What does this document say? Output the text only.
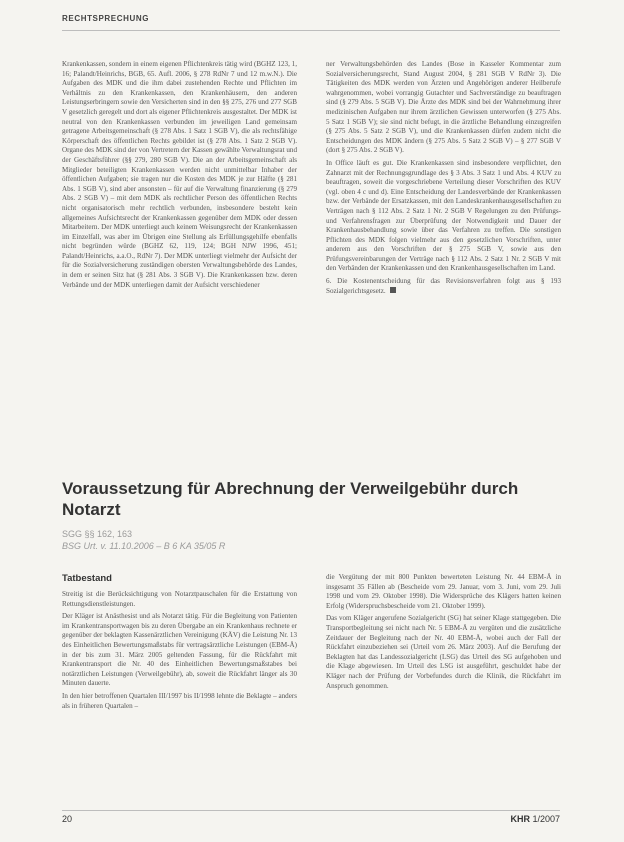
RECHTSPRECHUNG

Krankenkassen, sondern in einem eigenen Pflichtenkreis tätig wird (BGHZ 123, 1, 16; Palandt/Heinrichs, BGB, 65. Aufl. 2006, § 278 RdNr 7 und 12 m.w.N.). Die Aufgaben des MDK und die ihm dabei zustehenden Rechte und Pflichten im Verhältnis zu den Krankenkassen, den Krankenhäusern, den anderen Leistungserbringern sowie den Versicherten sind in den §§ 275, 276 und 277 SGB V gesetzlich geregelt und dort als eigener Pflichtenkreis ausgestaltet. Der MDK ist neutral von den Krankenkassen verbunden im jeweiligen Land gemeinsam getragene Arbeitsgemeinschaft (§ 278 Abs. 1 Satz 1 SGB V), die als rechtsfähige Körperschaft des öffentlichen Rechts gebildet ist (§ 278 Abs. 1 Satz 2 SGB V). Organe des MDK sind der von Vertretern der Kassen gewählte Verwaltungsrat und der Geschäftsführer (§§ 279, 280 SGB V). Die an der Arbeitsgemeinschaft als Mitglieder beteiligten Krankenkassen werden nicht unmittelbar Inhaber der öffentlichen Aufgaben; sie tragen nur die Kosten des MDK je zur Hälfte (§ 281 Abs. 1 SGB V), sind aber ansonsten – für auf die Verwaltung finanzierung (§ 279 Abs. 2 SGB V) – mit dem MDK als rechtlicher Person des öffentlichen Rechts nicht organisatorisch mehr rechtlich verbunden, insbesondere besteht kein allgemeines Aufsichtsrecht der Krankenkassen gegenüber dem MDK oder dessen Mitarbeitern. Der MDK unterliegt auch keinem Weisungsrecht der Krankenkassen im Einzelfall, was aber im Übrigen eine Stellung als Erfüllungsgehilfe ebenfalls nicht begründen würde (BGHZ 62, 119, 124; BGH NJW 1996, 451; Palandt/Heinrichs, a.a.O., RdNr 7). Der MDK unterliegt vielmehr der Aufsicht der für die Sozialversicherung zuständigen obersten Verwaltungsbehörde des Landes, in dem er seinen Sitz hat (§ 281 Abs. 3 SGB V). Die Krankenkassen bzw. deren Verbände und der MDK unterliegen damit der Aufsicht verschiedener

ner Verwaltungsbehörden des Landes (Bose in Kasseler Kommentar zum Sozialversicherungsrecht, Stand August 2004, § 281 SGB V RdNr 3). Die Tätigkeiten des MDK werden von Ärzten und Angehörigen anderer Heilberufe wahrgenommen, wobei vorrangig Gutachter und Sachverständige zu beauftragen sind (§ 279 Abs. 5 SGB V). Die Ärzte des MDK sind bei der Wahrnehmung ihrer medizinischen Aufgaben nur ihrem ärztlichen Gewissen unterworfen (§ 275 Abs. 5 Satz 1 SGB V); sie sind nicht befugt, in die ärztliche Behandlung einzugreifen (§ 275 Abs. 5 Satz 2 SGB V), und die Krankenkassen dürfen zudem nicht die Entscheidungen des MDK ändern (§ 275 Abs. 5 Satz 2 SGB V) – § 277 SGB V (dort § 275 Abs. 2 SGB V).

In Office läuft es gut. Die Krankenkassen sind insbesondere verpflichtet, den Zahnarzt mit der Rechnungsgrundlage des § 3 Abs. 3 Satz 1 und Abs. 4 KUV zu beauftragen, soweit die vorgeschriebene Verteilung dieser Vorschriften des KUV (vgl. oben 4 c und d). Eine Entscheidung der Landesverbände der Krankenkassen bzw. der Verbände der Ersatzkassen, mit den Landeskrankenhausgesellschaften zu Verträgen nach § 112 Abs. 2 Satz 1 Nr. 2 SGB V Regelungen zu den Prüfungs- und Verfahrensfragen zur Überprüfung der Notwendigkeit und Dauer der Krankenhausbehandlung sowie über das Verfahren zu treffen. Die sonstigen Pflichten des MDK folgen vielmehr aus den gesetzlichen Vorschriften, unter anderem aus den Vorschriften der § 275 SGB V, sowie aus den Prüfungsvereinbarungen der Verträge nach § 112 Abs. 2 Satz 1 Nr. 2 SGB V mit den Verbänden der Krankenkassen und den Krankenhausgesellschaften im Land.

6. Die Kostenentscheidung für das Revisionsverfahren folgt aus § 193 Sozialgerichtsgesetz.

Voraussetzung für Abrechnung der Verweilgebühr durch Notarzt
SGG §§ 162, 163
BSG Urt. v. 11.10.2006 – B 6 KA 35/05 R
Tatbestand

Streitig ist die Berücksichtigung von Notarztpauschalen für die Erstattung von Rettungsdienstleistungen.

Der Kläger ist Anästhesist und als Notarzt tätig. Für die Begleitung von Patienten im Krankentransportwagen bis zu deren Übergabe an ein Krankenhaus rechnete er gegenüber der beklagten Kassenärztlichen Vereinigung (KÄV) die Leistung Nr. 13 des Einheitlichen Bewertungsmaßstabs für vertragsärztliche Leistungen (EBM-Ä) in der bis zum 31. März 2005 geltenden Fassung, für die Rückfahrt mit Krankentransport die Nr. 40 des Einheitlichen Bewertungsmaßstabes bei notärztlichen Leistungen (Verweilgebühr), ab, soweit die Rückfahrt länger als 30 Minuten dauerte.

In den hier betroffenen Quartalen III/1997 bis II/1998 lehnte die Beklagte – anders als in früheren Quartalen –

die Vergütung der mit 800 Punkten bewerteten Leistung Nr. 44 EBM-Ä in insgesamt 35 Fällen ab (Bescheide vom 29. Januar, vom 3. Juni, vom 29. Juli 1998 und vom 29. Oktober 1998). Die Widersprüche des Klägers hatten keinen Erfolg (Widerspruchsbescheide vom 21. Oktober 1999).

Das vom Kläger angerufene Sozialgericht (SG) hat seiner Klage stattgegeben. Die Transportbegleitung sei nicht nach Nr. 5 EBM-Ä zu vergüten und die zusätzliche Zeitdauer der Begleitung nach der Nr. 40 EBM-Ä, wobei auch der Fall der Rückfahrt einzubeziehen sei (Urteil vom 26. März 2003). Auf die Berufung der Beklagten hat das Landessozialgericht (LSG) das Urteil des SG aufgehoben und die Klage abgewiesen. Im Urteil des LSG ist ausgeführt, geschuldet habe der Kläger nach der Prüfung der Vorbefundes durch die Klinik, die Rückfahrt im Anspruch genommen.

20	KHR 1/2007
